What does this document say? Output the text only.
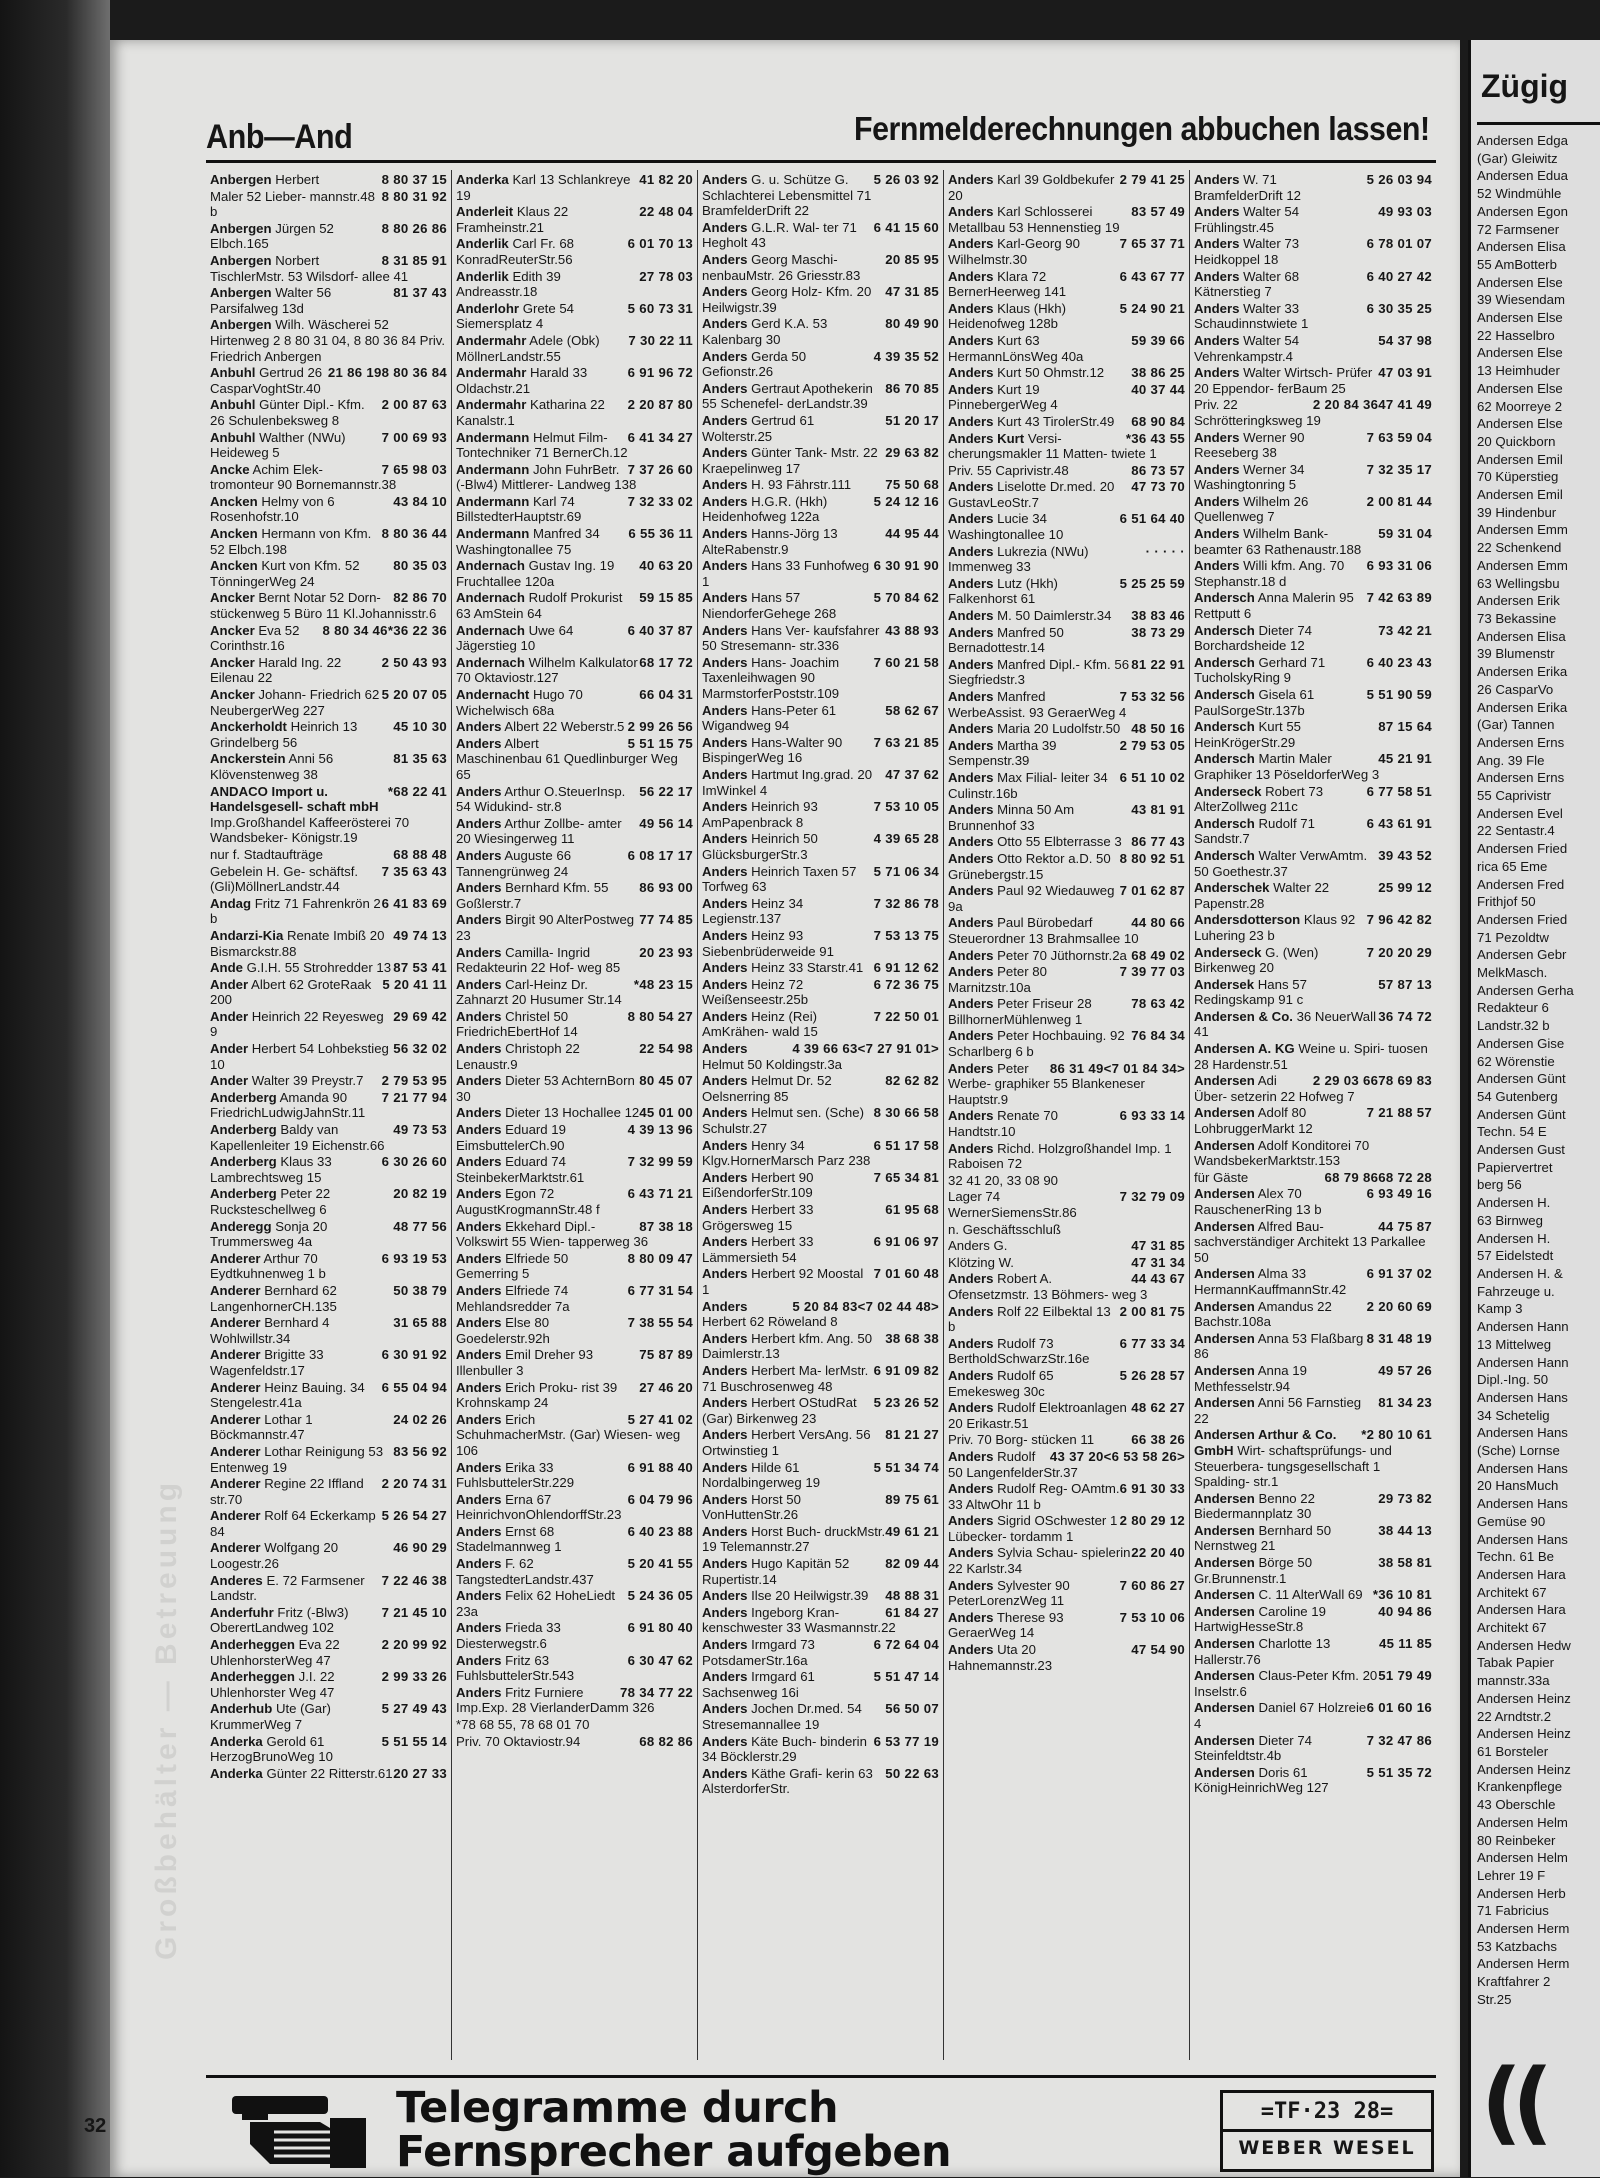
Großbehälter — Betreuung
Anb—And	Fernmelderechnungen abbuchen lassen!
8 80 37 15
Anbergen Herbert
8 80 31 92
Maler 52 Lieber- mannstr.48 b
8 80 26 86
Anbergen Jürgen 52 Elbch.165
8 31 85 91
Anbergen Norbert TischlerMstr. 53 Wilsdorf- allee 41
81 37 43
Anbergen Walter 56 Parsifalweg 13d
Anbergen Wilh. Wäscherei 52 Hirtenweg 2 8 80 31 04, 8 80 36 84 Priv. Friedrich Anbergen
8 80 36 84
21 86 19
Anbuhl Gertrud 26 CasparVoghtStr.40
2 00 87 63
Anbuhl Günter Dipl.- Kfm. 26 Schulenbeksweg 8
7 00 69 93
Anbuhl Walther (NWu) Heideweg 5
7 65 98 03
Ancke Achim Elek- tromonteur 90 Bornemannstr.38
43 84 10
Ancken Helmy von 6 Rosenhofstr.10
8 80 36 44
Ancken Hermann von Kfm. 52 Elbch.198
80 35 03
Ancken Kurt von Kfm. 52 TönningerWeg 24
82 86 70
Ancker Bernt Notar 52 Dorn- stückenweg 5 Büro 11 Kl.Johannisstr.6
*36 22 36
8 80 34 46
Ancker Eva 52 Corinthstr.16
2 50 43 93
Ancker Harald Ing. 22 Eilenau 22
5 20 07 05
Ancker Johann- Friedrich 62 NeubergerWeg 227
45 10 30
Anckerholdt Heinrich 13 Grindelberg 56
81 35 63
Anckerstein Anni 56 Klövenstenweg 38
*68 22 41
ANDACO Import u. Handelsgesell- schaft mbH Imp.Großhandel Kaffeerösterei 70 Wandsbeker- Königstr.19
68 88 48
nur f. Stadtaufträge
7 35 63 43
Gebelein H. Ge- schäftsf. (Gli)MöllnerLandstr.44
6 41 83 69
Andag Fritz 71 Fahrenkrön 2 b
49 74 13
Andarzi-Kia Renate Imbiß 20 Bismarckstr.88
87 53 41
Ande G.I.H. 55 Strohredder 13
5 20 41 11
Ander Albert 62 GroteRaak 200
29 69 42
Ander Heinrich 22 Reyesweg 9
56 32 02
Ander Herbert 54 Lohbekstieg 10
2 79 53 95
Ander Walter 39 Preystr.7
7 21 77 94
Anderberg Amanda 90 FriedrichLudwigJahnStr.11
49 73 53
Anderberg Baldy van Kapellenleiter 19 Eichenstr.66
6 30 26 60
Anderberg Klaus 33 Lambrechtsweg 15
20 82 19
Anderberg Peter 22 Rucksteschellweg 6
48 77 56
Anderegg Sonja 20 Trummersweg 4a
6 93 19 53
Anderer Arthur 70 Eydtkuhnenweg 1 b
50 38 79
Anderer Bernhard 62 LangenhornerCH.135
31 65 88
Anderer Bernhard 4 Wohlwillstr.34
6 30 91 92
Anderer Brigitte 33 Wagenfeldstr.17
6 55 04 94
Anderer Heinz Bauing. 34 Stengelestr.41a
24 02 26
Anderer Lothar 1 Böckmannstr.47
83 56 92
Anderer Lothar Reinigung 53 Entenweg 19
2 20 74 31
Anderer Regine 22 Iffland str.70
5 26 54 27
Anderer Rolf 64 Eckerkamp 84
46 90 29
Anderer Wolfgang 20 Loogestr.26
7 22 46 38
Anderes E. 72 Farmsener Landstr.
7 21 45 10
Anderfuhr Fritz (-Blw3) OberertLandweg 102
2 20 99 92
Anderheggen Eva 22 UhlenhorsterWeg 47
2 99 33 26
Anderheggen J.I. 22 Uhlenhorster Weg 47
5 27 49 43
Anderhub Ute (Gar) KrummerWeg 7
5 51 55 14
Anderka Gerold 61 HerzogBrunoWeg 10
20 27 33
Anderka Günter 22 Ritterstr.61
41 82 20
Anderka Karl 13 Schlankreye 19
22 48 04
Anderleit Klaus 22 Framheinstr.21
6 01 70 13
Anderlik Carl Fr. 68 KonradReuterStr.56
27 78 03
Anderlik Edith 39 Andreasstr.18
5 60 73 31
Anderlohr Grete 54 Siemersplatz 4
7 30 22 11
Andermahr Adele (Obk) MöllnerLandstr.55
6 91 96 72
Andermahr Harald 33 Oldachstr.21
2 20 87 80
Andermahr Katharina 22 Kanalstr.1
6 41 34 27
Andermann Helmut Film-Tontechniker 71 BernerCh.12
7 37 26 60
Andermann John FuhrBetr. (-Blw4) Mittlerer- Landweg 138
7 32 33 02
Andermann Karl 74 BillstedterHauptstr.69
6 55 36 11
Andermann Manfred 34 Washingtonallee 75
40 63 20
Andernach Gustav Ing. 19 Fruchtallee 120a
59 15 85
Andernach Rudolf Prokurist 63 AmStein 64
6 40 37 87
Andernach Uwe 64 Jägerstieg 10
68 17 72
Andernach Wilhelm Kalkulator 70 Oktaviostr.127
66 04 31
Andernacht Hugo 70 Wichelwisch 68a
2 99 26 56
Anders Albert 22 Weberstr.5
5 51 15 75
Anders Albert Maschinenbau 61 Quedlinburger Weg 65
56 22 17
Anders Arthur O.SteuerInsp. 54 Widukind- str.8
49 56 14
Anders Arthur Zollbe- amter 20 Wiesingerweg 11
6 08 17 17
Anders Auguste 66 Tannengrünweg 24
86 93 00
Anders Bernhard Kfm. 55 Goßlerstr.7
77 74 85
Anders Birgit 90 AlterPostweg 23
20 23 93
Anders Camilla- Ingrid Redakteurin 22 Hof- weg 85
*48 23 15
Anders Carl-Heinz Dr. Zahnarzt 20 Husumer Str.14
8 80 54 27
Anders Christel 50 FriedrichEbertHof 14
22 54 98
Anders Christoph 22 Lenaustr.9
80 45 07
Anders Dieter 53 AchternBorn 30
45 01 00
Anders Dieter 13 Hochallee 12
4 39 13 96
Anders Eduard 19 EimsbuttelerCh.90
7 32 99 59
Anders Eduard 74 SteinbekerMarktstr.61
6 43 71 21
Anders Egon 72 AugustKrogmannStr.48 f
87 38 18
Anders Ekkehard Dipl.-Volkswirt 55 Wien- tapperweg 36
8 80 09 47
Anders Elfriede 50 Gemerring 5
6 77 31 54
Anders Elfriede 74 Mehlandsredder 7a
7 38 55 54
Anders Else 80 Goedelerstr.92h
75 87 89
Anders Emil Dreher 93 Illenbuller 3
27 46 20
Anders Erich Proku- rist 39 Krohnskamp 24
5 27 41 02
Anders Erich SchuhmacherMstr. (Gar) Wiesen- weg 106
6 91 88 40
Anders Erika 33 FuhlsbuttelerStr.229
6 04 79 96
Anders Erna 67 HeinrichvonOhlendorffStr.23
6 40 23 88
Anders Ernst 68 Stadelmannweg 1
5 20 41 55
Anders F. 62 TangstedterLandstr.437
5 24 36 05
Anders Felix 62 HoheLiedt 23a
6 91 80 40
Anders Frieda 33 Diesterwegstr.6
6 30 47 62
Anders Fritz 63 FuhlsbuttelerStr.543
78 34 77 22
Anders Fritz Furniere Imp.Exp. 28 VierlanderDamm 326
*78 68 55, 78 68 01 70
68 82 86
Priv. 70 Oktaviostr.94
5 26 03 92
Anders G. u. Schütze G. Schlachterei Lebensmittel 71 BramfelderDrift 22
6 41 15 60
Anders G.L.R. Wal- ter 71 Hegholt 43
20 85 95
Anders Georg Maschi- nenbauMstr. 26 Griesstr.83
47 31 85
Anders Georg Holz- Kfm. 20 Heilwigstr.39
80 49 90
Anders Gerd K.A. 53 Kalenbarg 30
4 39 35 52
Anders Gerda 50 Gefionstr.26
86 70 85
Anders Gertraut Apothekerin 55 Schenefel- derLandstr.39
51 20 17
Anders Gertrud 61 Wolterstr.25
29 63 82
Anders Günter Tank- Mstr. 22 Kraepelinweg 17
75 50 68
Anders H. 93 Fährstr.111
5 24 12 16
Anders H.G.R. (Hkh) Heidenhofweg 122a
44 95 44
Anders Hanns-Jörg 13 AlteRabenstr.9
6 30 91 90
Anders Hans 33 Funhofweg 1
5 70 84 62
Anders Hans 57 NiendorferGehege 268
43 88 93
Anders Hans Ver- kaufsfahrer 50 Stresemann- str.336
7 60 21 58
Anders Hans- Joachim Taxenleihwagen 90 MarmstorferPoststr.109
58 62 67
Anders Hans-Peter 61 Wigandweg 94
7 63 21 85
Anders Hans-Walter 90 BispingerWeg 16
47 37 62
Anders Hartmut Ing.grad. 20 ImWinkel 4
7 53 10 05
Anders Heinrich 93 AmPapenbrack 8
4 39 65 28
Anders Heinrich 50 GlücksburgerStr.3
5 71 06 34
Anders Heinrich Taxen 57 Torfweg 63
7 32 86 78
Anders Heinz 34 Legienstr.137
7 53 13 75
Anders Heinz 93 Siebenbrüderweide 91
6 91 12 62
Anders Heinz 33 Starstr.41
6 72 36 75
Anders Heinz 72 Weißenseestr.25b
7 22 50 01
Anders Heinz (Rei) AmKrähen- wald 15
<7 27 91 01>
4 39 66 63
Anders Helmut 50 Koldingstr.3a
82 62 82
Anders Helmut Dr. 52 Oelsnerring 85
8 30 66 58
Anders Helmut sen. (Sche) Schulstr.27
6 51 17 58
Anders Henry 34 Klgv.HornerMarsch Parz 238
7 65 34 81
Anders Herbert 90 EißendorferStr.109
61 95 68
Anders Herbert 33 Grögersweg 15
6 91 06 97
Anders Herbert 33 Lämmersieth 54
7 01 60 48
Anders Herbert 92 Moostal 1
<7 02 44 48>
5 20 84 83
Anders Herbert 62 Röweland 8
38 68 38
Anders Herbert kfm. Ang. 50 Daimlerstr.13
6 91 09 82
Anders Herbert Ma- lerMstr. 71 Buschrosenweg 48
5 23 26 52
Anders Herbert OStudRat (Gar) Birkenweg 23
81 21 27
Anders Herbert VersAng. 56 Ortwinstieg 1
5 51 34 74
Anders Hilde 61 Nordalbingerweg 19
89 75 61
Anders Horst 50 VonHuttenStr.26
49 61 21
Anders Horst Buch- druckMstr. 19 Telemannstr.27
82 09 44
Anders Hugo Kapitän 52 Rupertistr.14
48 88 31
Anders Ilse 20 Heilwigstr.39
61 84 27
Anders Ingeborg Kran- kenschwester 33 Wasmannstr.22
6 72 64 04
Anders Irmgard 73 PotsdamerStr.16a
5 51 47 14
Anders Irmgard 61 Sachsenweg 16i
56 50 07
Anders Jochen Dr.med. 54 Stresemannallee 19
6 53 77 19
Anders Käte Buch- binderin 34 Böcklerstr.29
50 22 63
Anders Käthe Grafi- kerin 63 AlsterdorferStr.
2 79 41 25
Anders Karl 39 Goldbekufer 20
83 57 49
Anders Karl Schlosserei Metallbau 53 Hennenstieg 19
7 65 37 71
Anders Karl-Georg 90 Wilhelmstr.30
6 43 67 77
Anders Klara 72 BernerHeerweg 141
5 24 90 21
Anders Klaus (Hkh) Heidenofweg 128b
59 39 66
Anders Kurt 63 HermannLönsWeg 40a
38 86 25
Anders Kurt 50 Ohmstr.12
40 37 44
Anders Kurt 19 PinnebergerWeg 4
68 90 84
Anders Kurt 43 TirolerStr.49
*36 43 55
Anders Kurt Versi- cherungsmakler 11 Matten- twiete 1
86 73 57
Priv. 55 Caprivistr.48
47 73 70
Anders Liselotte Dr.med. 20 GustavLeoStr.7
6 51 64 40
Anders Lucie 34 Washingtonallee 10
· · · · ·
Anders Lukrezia (NWu) Immenweg 33
5 25 25 59
Anders Lutz (Hkh) Falkenhorst 61
38 83 46
Anders M. 50 Daimlerstr.34
38 73 29
Anders Manfred 50 Bernadottestr.14
81 22 91
Anders Manfred Dipl.- Kfm. 56 Siegfriedstr.3
7 53 32 56
Anders Manfred WerbeAssist. 93 GeraerWeg 4
48 50 16
Anders Maria 20 Ludolfstr.50
2 79 53 05
Anders Martha 39 Sempenstr.39
6 51 10 02
Anders Max Filial- leiter 34 Culinstr.16b
43 81 91
Anders Minna 50 Am Brunnenhof 33
86 77 43
Anders Otto 55 Elbterrasse 3
8 80 92 51
Anders Otto Rektor a.D. 50 Grünebergstr.15
7 01 62 87
Anders Paul 92 Wiedauweg 9a
44 80 66
Anders Paul Bürobedarf Steuerordner 13 Brahmsallee 10
68 49 02
Anders Peter 70 Jüthornstr.2a
7 39 77 03
Anders Peter 80 Marnitzstr.10a
78 63 42
Anders Peter Friseur 28 BillhornerMühlenweg 1
76 84 34
Anders Peter Hochbauing. 92 Scharlberg 6 b
<7 01 84 34>
86 31 49
Anders Peter Werbe- graphiker 55 Blankeneser Hauptstr.9
6 93 33 14
Anders Renate 70 Handtstr.10
Anders Richd. Holzgroßhandel Imp. 1 Raboisen 72
32 41 20, 33 08 90
7 32 79 09
Lager 74 WernerSiemensStr.86
n. Geschäftsschluß
47 31 85
Anders G.
47 31 34
Klötzing W.
44 43 67
Anders Robert A. Ofensetzmstr. 13 Böhmers- weg 3
2 00 81 75
Anders Rolf 22 Eilbektal 13 b
6 77 33 34
Anders Rudolf 73 BertholdSchwarzStr.16e
5 26 28 57
Anders Rudolf 65 Emekesweg 30c
48 62 27
Anders Rudolf Elektroanlagen 20 Erikastr.51
66 38 26
Priv. 70 Borg- stücken 11
<6 53 58 26>
43 37 20
Anders Rudolf 50 LangenfelderStr.37
6 91 30 33
Anders Rudolf Reg- OAmtm. 33 AltwOhr 11 b
2 80 29 12
Anders Sigrid OSchwester 1 Lübecker- tordamm 1
22 20 40
Anders Sylvia Schau- spielerin 22 Karlstr.34
7 60 86 27
Anders Sylvester 90 PeterLorenzWeg 11
7 53 10 06
Anders Therese 93 GeraerWeg 14
47 54 90
Anders Uta 20 Hahnemannstr.23
5 26 03 94
Anders W. 71 BramfelderDrift 12
49 93 03
Anders Walter 54 Frühlingstr.45
6 78 01 07
Anders Walter 73 Heidkoppel 18
6 40 27 42
Anders Walter 68 Kätnerstieg 7
6 30 35 25
Anders Walter 33 Schaudinnstwiete 1
54 37 98
Anders Walter 54 Vehrenkampstr.4
47 03 91
Anders Walter Wirtsch- Prüfer 20 Eppendor- ferBaum 25
47 41 49
2 20 84 36
Priv. 22 Schrötteringksweg 19
7 63 59 04
Anders Werner 90 Reeseberg 38
7 32 35 17
Anders Werner 34 Washingtonring 5
2 00 81 44
Anders Wilhelm 26 Quellenweg 7
59 31 04
Anders Wilhelm Bank- beamter 63 Rathenaustr.188
6 93 31 06
Anders Willi kfm. Ang. 70 Stephanstr.18 d
7 42 63 89
Andersch Anna Malerin 95 Rettputt 6
73 42 21
Andersch Dieter 74 Borchardsheide 12
6 40 23 43
Andersch Gerhard 71 TucholskyRing 9
5 51 90 59
Andersch Gisela 61 PaulSorgeStr.137b
87 15 64
Andersch Kurt 55 HeinKrögerStr.29
45 21 91
Andersch Martin Maler Graphiker 13 PöseldorferWeg 3
6 77 58 51
Anderseck Robert 73 AlterZollweg 211c
6 43 61 91
Andersch Rudolf 71 Sandstr.7
39 43 52
Andersch Walter VerwAmtm. 50 Goethestr.37
25 99 12
Anderschek Walter 22 Papenstr.28
7 96 42 82
Andersdotterson Klaus 92 Luhering 23 b
7 20 20 29
Anderseck G. (Wen) Birkenweg 20
57 87 13
Andersek Hans 57 Redingskamp 91 c
36 74 72
Andersen & Co. 36 NeuerWall 41
Andersen A. KG Weine u. Spiri- tuosen 28 Hardenstr.51
78 69 83
2 29 03 66
Andersen Adi Über- setzerin 22 Hofweg 7
7 21 88 57
Andersen Adolf 80 LohbruggerMarkt 12
Andersen Adolf Konditorei 70 WandsbekerMarktstr.153
68 72 28
68 79 86
für Gäste
6 93 49 16
Andersen Alex 70 RauschenerRing 13 b
44 75 87
Andersen Alfred Bau- sachverständiger Architekt 13 Parkallee 50
6 91 37 02
Andersen Alma 33 HermannKauffmannStr.42
2 20 60 69
Andersen Amandus 22 Bachstr.108a
8 31 48 19
Andersen Anna 53 Flaßbarg 86
49 57 26
Andersen Anna 19 Methfesselstr.94
81 34 23
Andersen Anni 56 Farnstieg 22
*2 80 10 61
Andersen Arthur & Co. GmbH Wirt- schaftsprüfungs- und Steuerbera- tungsgesellschaft 1 Spalding- str.1
29 73 82
Andersen Benno 22 Biedermannplatz 30
38 44 13
Andersen Bernhard 50 Nernstweg 21
38 58 81
Andersen Börge 50 Gr.Brunnenstr.1
*36 10 81
Andersen C. 11 AlterWall 69
40 94 86
Andersen Caroline 19 HartwigHesseStr.8
45 11 85
Andersen Charlotte 13 Hallerstr.76
51 79 49
Andersen Claus-Peter Kfm. 20 Inselstr.6
6 01 60 16
Andersen Daniel 67 Holzreie 4
7 32 47 86
Andersen Dieter 74 Steinfeldtstr.4b
5 51 35 72
Andersen Doris 61 KönigHeinrichWeg 127
Telegramme durch
Fernsprecher aufgeben
=TF·23 28=
WEBER WESEL
32
Zügig
Andersen Edga
(Gar) Gleiwitz
Andersen Edua
52 Windmühle
Andersen Egon
72 Farmsener
Andersen Elisa
55 AmBotterb
Andersen Else
39 Wiesendam
Andersen Else
22 Hasselbro
Andersen Else
13 Heimhuder
Andersen Else
62 Moorreye 2
Andersen Else
20 Quickborn
Andersen Emil
70 Küperstieg
Andersen Emil
39 Hindenbur
Andersen Emm
22 Schenkend
Andersen Emm
63 Wellingsbu
Andersen Erik
73 Bekassine
Andersen Elisa
39 Blumenstr
Andersen Erika
26 CasparVo
Andersen Erika
(Gar) Tannen
Andersen Erns
Ang. 39 Fle
Andersen Erns
55 Caprivistr
Andersen Evel
22 Sentastr.4
Andersen Fried
rica 65 Eme
Andersen Fred
Frithjof 50
Andersen Fried
71 Pezoldtw
Andersen Gebr
MelkMasch.
Andersen Gerha
Redakteur 6
Landstr.32 b
Andersen Gise
62 Wörenstie
Andersen Günt
54 Gutenberg
Andersen Günt
Techn. 54 E
Andersen Gust
Papiervertret
berg 56
Andersen H.
63 Birnweg
Andersen H.
57 Eidelstedt
Andersen H. &
Fahrzeuge u.
Kamp 3
Andersen Hann
13 Mittelweg
Andersen Hann
Dipl.-Ing. 50
Andersen Hans
34 Schetelig
Andersen Hans
(Sche) Lornse
Andersen Hans
20 HansMuch
Andersen Hans
Gemüse 90
Andersen Hans
Techn. 61 Be
Andersen Hara
Architekt 67
Andersen Hara
Architekt 67
Andersen Hedw
Tabak Papier
mannstr.33a
Andersen Heinz
22 Arndtstr.2
Andersen Heinz
61 Borsteler
Andersen Heinz
Krankenpflege
43 Oberschle
Andersen Helm
80 Reinbeker
Andersen Helm
Lehrer 19 F
Andersen Herb
71 Fabricius
Andersen Herm
53 Katzbachs
Andersen Herm
Kraftfahrer 2
Str.25
((
